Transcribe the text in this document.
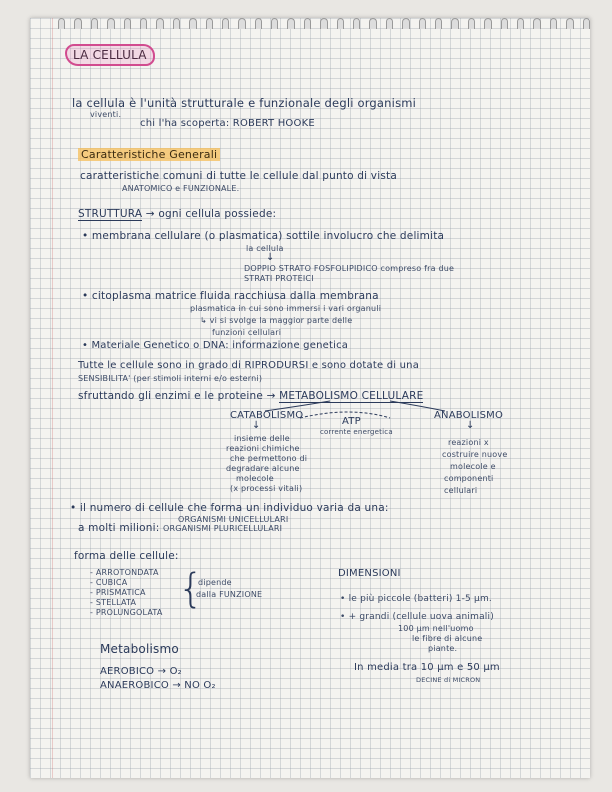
LA CELLULA
la cellula è l'unità strutturale e funzionale degli organismi
viventi.
chi l'ha scoperta: ROBERT HOOKE
Caratteristiche Generali
caratteristiche comuni di tutte le cellule dal punto di vista
ANATOMICO e FUNZIONALE.
STRUTTURA → ogni cellula possiede:
• membrana cellulare (o plasmatica) sottile involucro che delimita
la cellula
↓
DOPPIO STRATO FOSFOLIPIDICO compreso fra due
STRATI PROTEICI
• citoplasma matrice fluida racchiusa dalla membrana
plasmatica in cui sono immersi i vari organuli
↳ vi si svolge la maggior parte delle
funzioni cellulari
• Materiale Genetico o DNA: informazione genetica
Tutte le cellule sono in grado di RIPRODURSI e sono dotate di una
SENSIBILITA' (per stimoli interni e/o esterni)
sfruttando gli enzimi e le proteine → METABOLISMO CELLULARE
CATABOLISMO
ATP
corrente energetica
ANABOLISMO
↓	↓
insieme delle
reazioni chimiche
che permettono di
degradare alcune
molecole
(x processi vitali)
reazioni x
costruire nuove
molecole e
componenti
cellulari
• il numero di cellule che forma un individuo varia da una:
ORGANISMI UNICELLULARI
a molti milioni: ORGANISMI PLURICELLULARI
forma delle cellule:
- ARROTONDATA
- CUBICA
- PRISMATICA
- STELLATA
- PROLUNGOLATA
{
dipende
dalla FUNZIONE
DIMENSIONI
• le più piccole (batteri) 1-5 μm.
• + grandi (cellule uova animali)
100 μm nell'uomo
le fibre di alcune
piante.
In media tra 10 μm e 50 μm
DECINE di MICRON
Metabolismo
AEROBICO → O₂
ANAEROBICO → NO O₂
